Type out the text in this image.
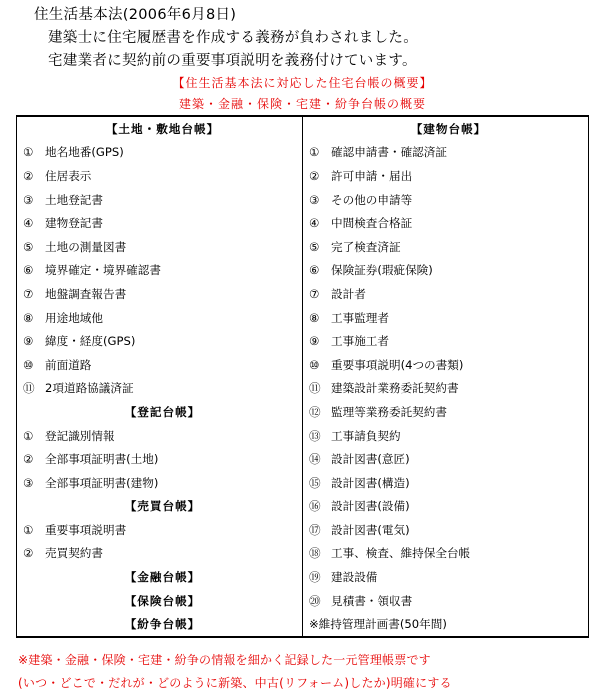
住生活基本法(2006年6月8日)
建築士に住宅履歴書を作成する義務が負わされました。
宅建業者に契約前の重要事項説明を義務付けています。
【住生活基本法に対応した住宅台帳の概要】
建築・金融・保険・宅建・紛争台帳の概要
【土地・敷地台帳】	【建物台帳】
① 地名地番(GPS)	① 確認申請書・確認済証
② 住居表示	② 許可申請・届出
③ 土地登記書	③ その他の申請等
④ 建物登記書	④ 中間検査合格証
⑤ 土地の測量図書	⑤ 完了検査済証
⑥ 境界確定・境界確認書	⑥ 保険証券(瑕疵保険)
⑦ 地盤調査報告書	⑦ 設計者
⑧ 用途地域他	⑧ 工事監理者
⑨ 緯度・経度(GPS)	⑨ 工事施工者
⑩ 前面道路	⑩ 重要事項説明(4つの書類)
⑪ 2項道路協議済証	⑪ 建築設計業務委託契約書
【登記台帳】	⑫ 監理等業務委託契約書
① 登記識別情報	⑬ 工事請負契約
② 全部事項証明書(土地)	⑭ 設計図書(意匠)
③ 全部事項証明書(建物)	⑮ 設計図書(構造)
【売買台帳】	⑯ 設計図書(設備)
① 重要事項説明書	⑰ 設計図書(電気)
② 売買契約書	⑱ 工事、検査、維持保全台帳
【金融台帳】	⑲ 建設設備
【保険台帳】	⑳ 見積書・領収書
【紛争台帳】	※維持管理計画書(50年間)
※建築・金融・保険・宅建・紛争の情報を細かく記録した一元管理帳票です
(いつ・どこで・だれが・どのように新築、中古(リフォーム)したか)明確にする
